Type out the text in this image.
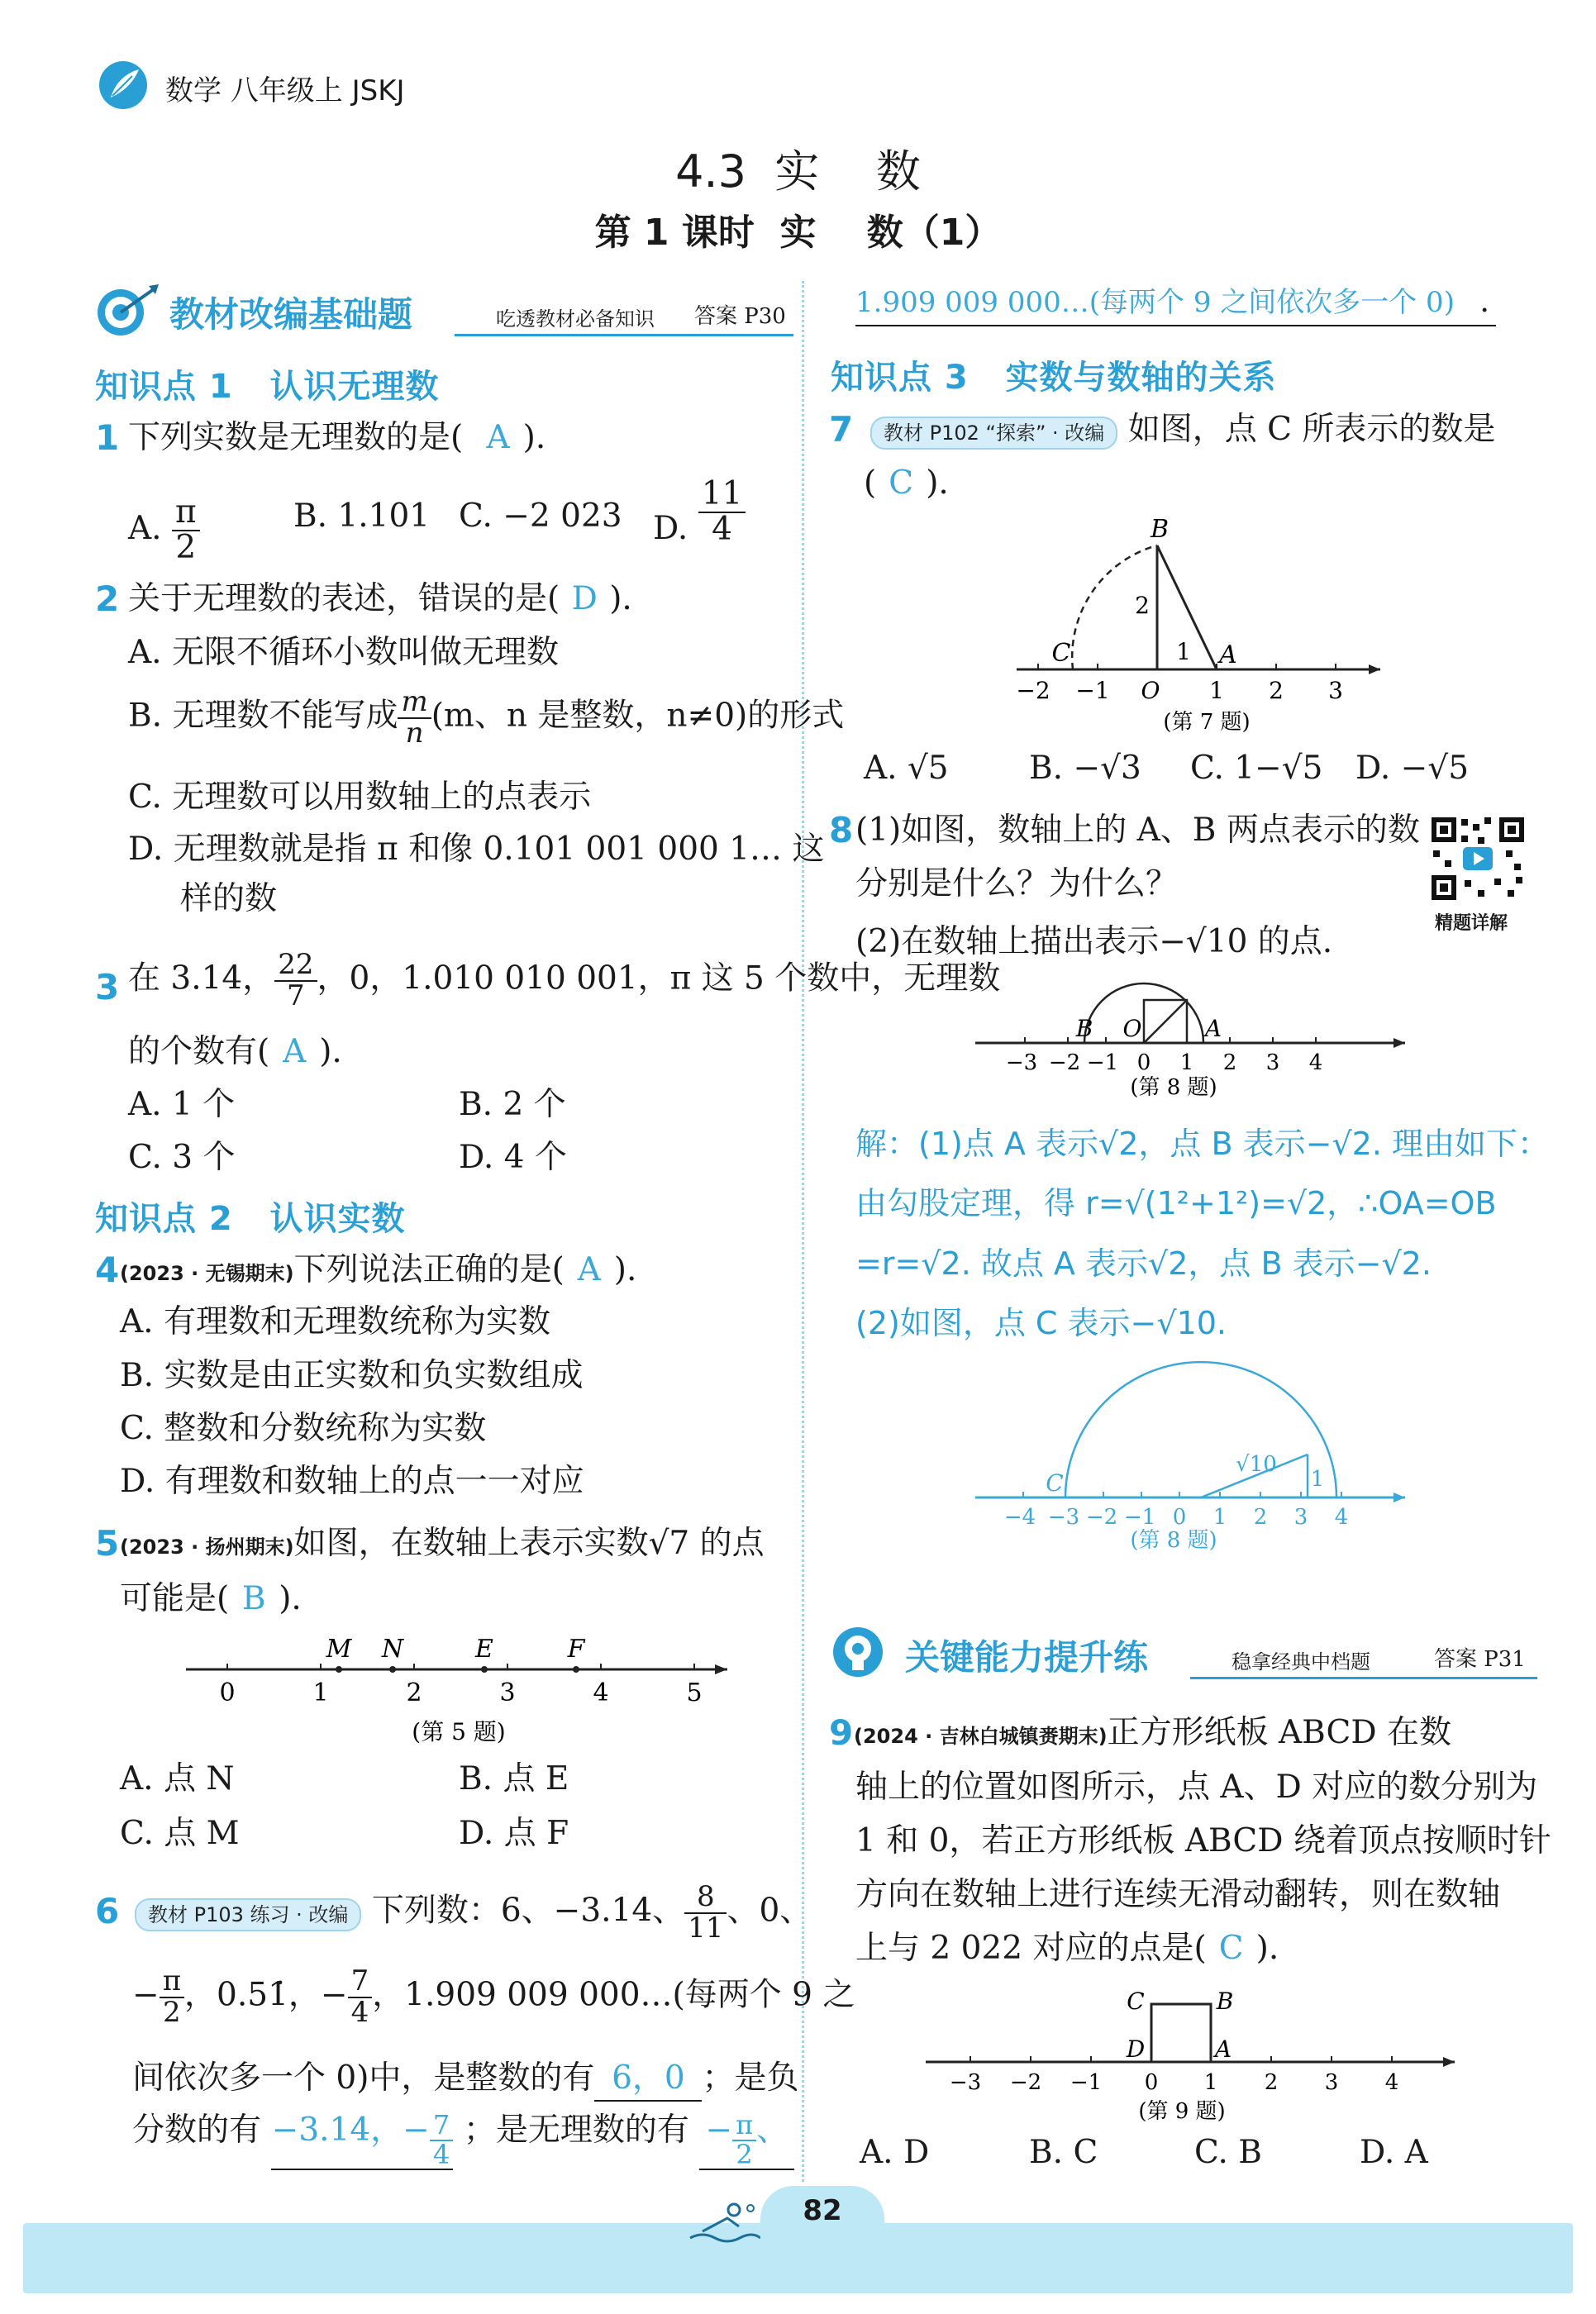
数学 八年级上 JSKJ
4.3  实    数
第 1 课时  实    数（1）
教材改编基础题	吃透教材必备知识 答案 P30
知识点 1   认识无理数
1 下列实数是无理数的是( A ).
A. $\frac{\pi}{2}$	B. 1.101 C. −2 023 D. $\frac{11}{4}$
2 关于无理数的表述，错误的是( D ).
A. 无限不循环小数叫做无理数
B. 无理数不能写成 $\frac{m}{n} (m$、n 是整数，n≠0)的形式
C. 无理数可以用数轴上的点表示
D. 无理数就是指 π 和像 0.101 001 000 1… 这
样的数
3 在 3.14， $\frac{22}{7}$ ，0，1.010 010 001，π 这 5 个数中，无理数
的个数有( A ).
A. 1 个	B. 2 个
C. 3 个	D. 4 个
知识点 2   认识实数
4 (2023 · 无锡期末)下列说法正确的是( A ).
A. 有理数和无理数统称为实数
B. 实数是由正实数和负实数组成
C. 整数和分数统称为实数
D. 有理数和数轴上的点一一对应
5 (2023 · 扬州期末)如图，在数轴上表示实数√7 的点
可能是( B ).
0	1	2	3	4	5
M N	E	F
(第 5 题)
A. 点 N	B. 点 E
C. 点 M	D. 点 F
6	教材 P103 练习 · 改编 下列数：6、−3.14、 $\frac{8}{11}$ 、0、
− $\frac{\pi}{2}$ ，0.51̇，− $\frac{7}{4}$ ，1.909 009 000…(每两个 9 之
间依次多一个 0)中，是整数的有 6，0 ；是负
分数的有 −3.14，− $\frac{7}{4}$ ；是无理数的有 − $\frac{\pi}{2}$ 、
1.909 009 000…(每两个 9 之间依次多一个 0) .
知识点 3   实数与数轴的关系
7	教材 P102 “探索” · 改编 如图，点 C 所表示的数是
( C ).
−2 −1 O 1 2 3
B
C	A
2
1
(第 7 题)
A. √5 B. −√3 C. 1−√5 D. −√5
8 (1)如图，数轴上的 A、B 两点表示的数
分别是什么？为什么？
(2)在数轴上描出表示−√10 的点.	精题详解
−3 −2 −1 0 1 2 3 4
B O	A
(第 8 题)
解：(1)点 A 表示√2，点 B 表示−√2. 理由如下：
由勾股定理，得 r=√(1²+1²)=√2，∴OA=OB
=r=√2. 故点 A 表示√2，点 B 表示−√2.
(2)如图，点 C 表示−√10.
−4 −3 −2 −1 0 1 2 3 4
C
√10
1
(第 8 题)
关键能力提升练	稳拿经典中档题	答案 P31
9 (2024 · 吉林白城镇赉期末)正方形纸板 ABCD 在数
轴上的位置如图所示，点 A、D 对应的数分别为
1 和 0，若正方形纸板 ABCD 绕着顶点按顺时针
方向在数轴上进行连续无滑动翻转，则在数轴
上与 2 022 对应的点是( C ).
−3 −2 −1 0 1 2 3 4
C	B
D	A
(第 9 题)
A. D	B. C	C. B	D. A
82
